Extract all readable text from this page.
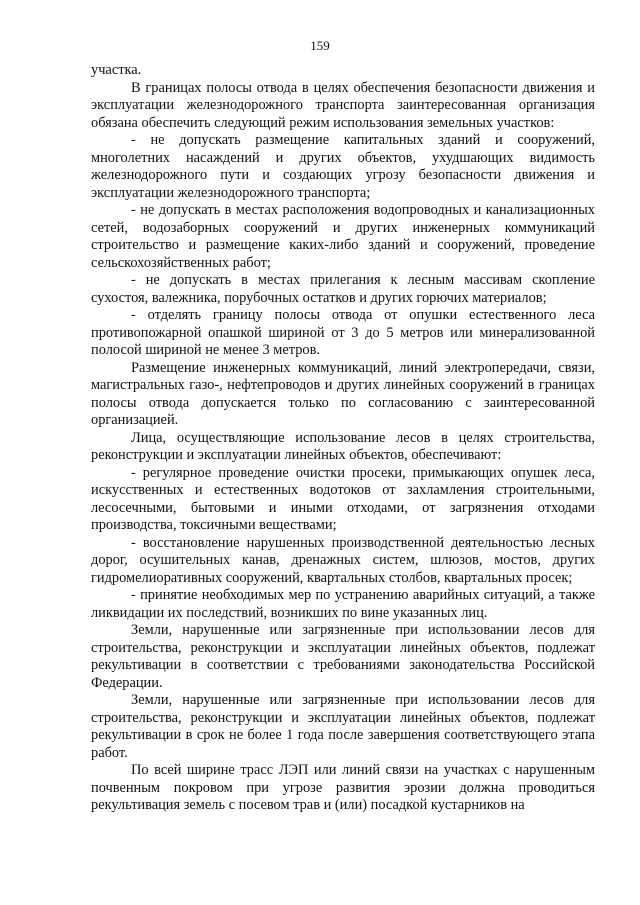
159

участка.

В границах полосы отвода в целях обеспечения безопасности движения и эксплуатации железнодорожного транспорта заинтересованная организация обязана обеспечить следующий режим использования земельных участков:

- не допускать размещение капитальных зданий и сооружений, многолетних насаждений и других объектов, ухудшающих видимость железнодорожного пути и создающих угрозу безопасности движения и эксплуатации железнодорожного транспорта;

- не допускать в местах расположения водопроводных и канализационных сетей, водозаборных сооружений и других инженерных коммуникаций строительство и размещение каких-либо зданий и сооружений, проведение сельскохозяйственных работ;

- не допускать в местах прилегания к лесным массивам скопление сухостоя, валежника, порубочных остатков и других горючих материалов;

- отделять границу полосы отвода от опушки естественного леса противопожарной опашкой шириной от 3 до 5 метров или минерализованной полосой шириной не менее 3 метров.

Размещение инженерных коммуникаций, линий электропередачи, связи, магистральных газо-, нефтепроводов и других линейных сооружений в границах полосы отвода допускается только по согласованию с заинтересованной организацией.

Лица, осуществляющие использование лесов в целях строительства, реконструкции и эксплуатации линейных объектов, обеспечивают:

- регулярное проведение очистки просеки, примыкающих опушек леса, искусственных и естественных водотоков от захламления строительными, лесосечными, бытовыми и иными отходами, от загрязнения отходами производства, токсичными веществами;

- восстановление нарушенных производственной деятельностью лесных дорог, осушительных канав, дренажных систем, шлюзов, мостов, других гидромелиоративных сооружений, квартальных столбов, квартальных просек;

- принятие необходимых мер по устранению аварийных ситуаций, а также ликвидации их последствий, возникших по вине указанных лиц.

Земли, нарушенные или загрязненные при использовании лесов для строительства, реконструкции и эксплуатации линейных объектов, подлежат рекультивации в соответствии с требованиями законодательства Российской Федерации.

Земли, нарушенные или загрязненные при использовании лесов для строительства, реконструкции и эксплуатации линейных объектов, подлежат рекультивации в срок не более 1 года после завершения соответствующего этапа работ.

По всей ширине трасс ЛЭП или линий связи на участках с нарушенным почвенным покровом при угрозе развития эрозии должна проводиться рекультивация земель с посевом трав и (или) посадкой кустарников на
